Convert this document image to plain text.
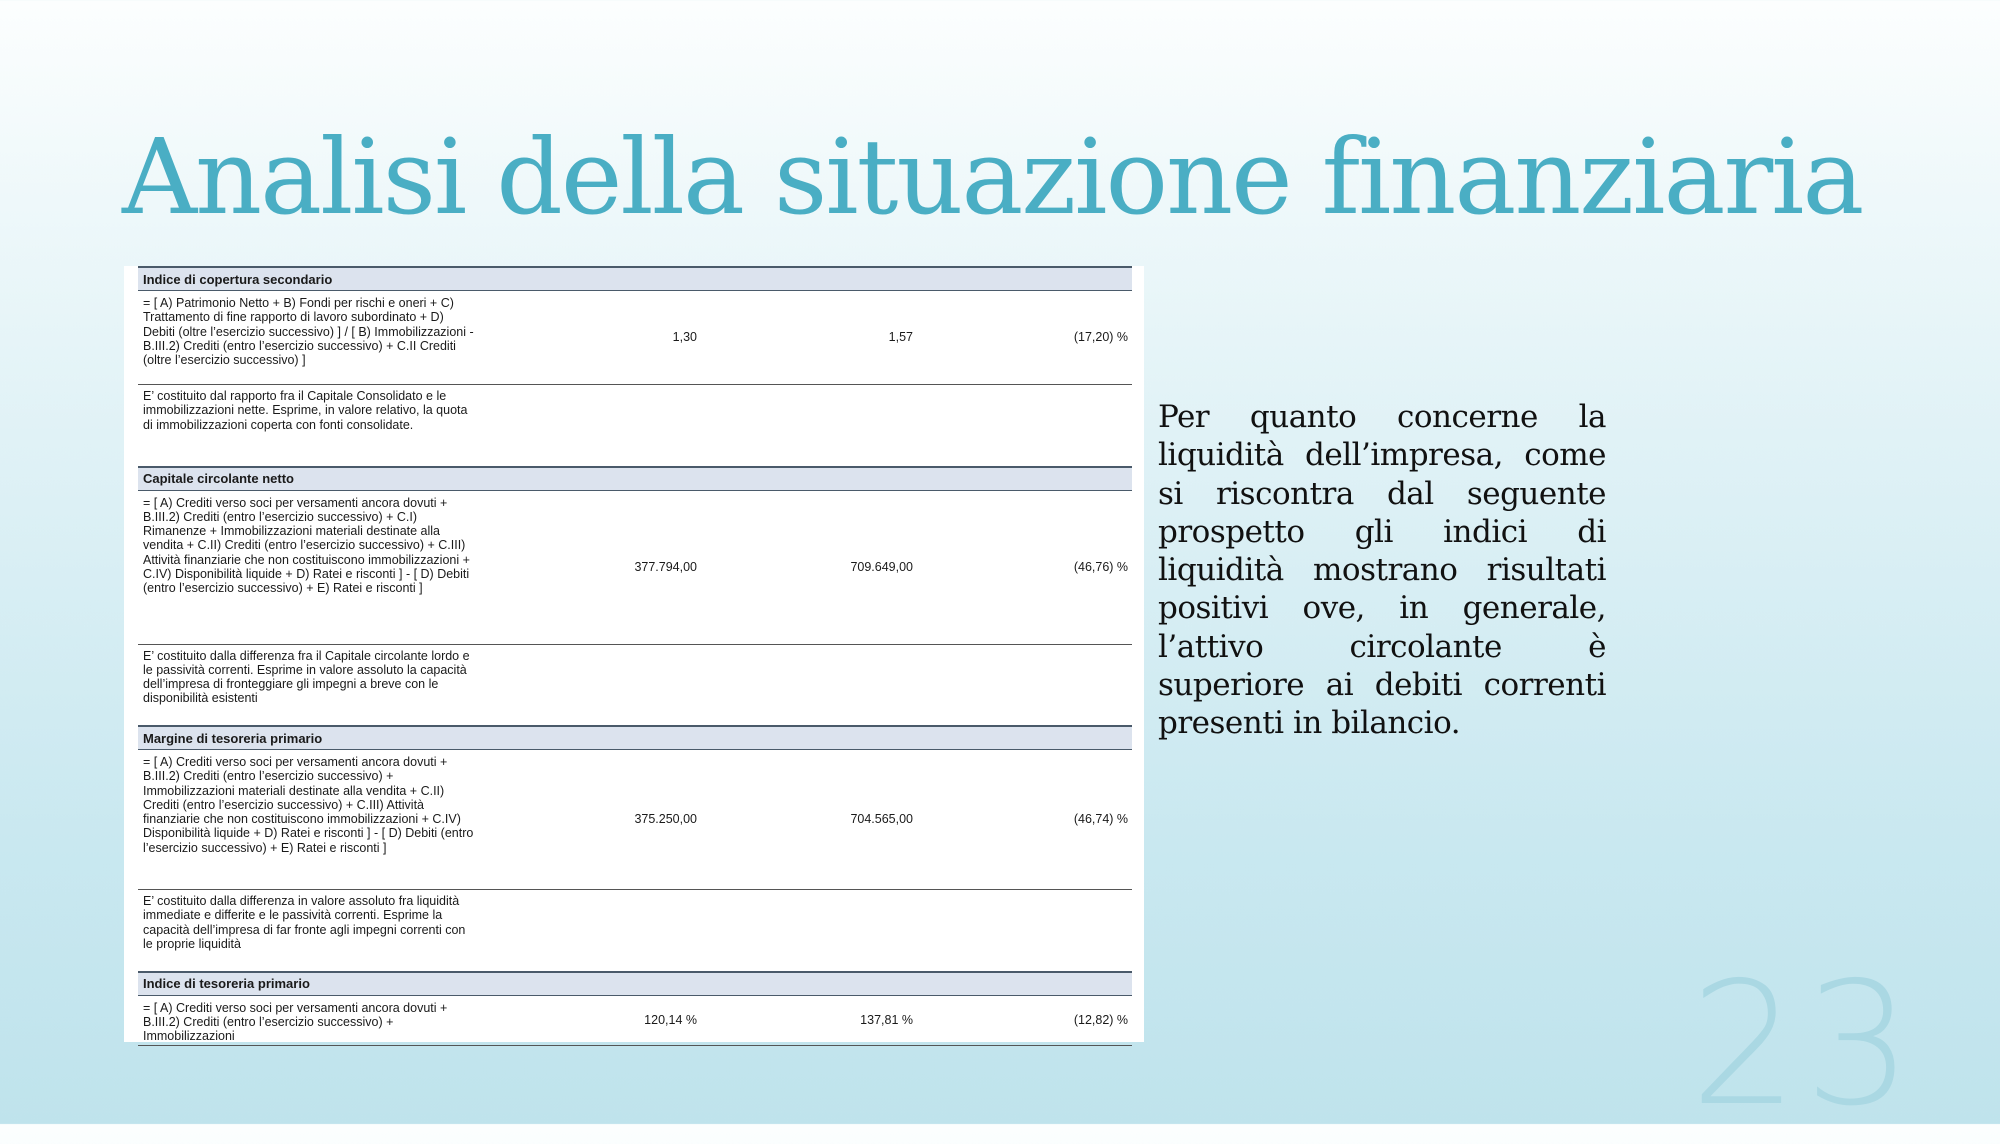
Analisi della situazione finanziaria
Indice di copertura secondario			
= [ A) Patrimonio Netto + B) Fondi per rischi e oneri + C) Trattamento di fine rapporto di lavoro subordinato + D) Debiti (oltre l’esercizio successivo) ] / [ B) Immobilizzazioni - B.III.2) Crediti (entro l’esercizio successivo) + C.II Crediti (oltre l’esercizio successivo) ]	1,30	1,57	(17,20) %
E’ costituito dal rapporto fra il Capitale Consolidato e le immobilizzazioni nette. Esprime, in valore relativo, la quota di immobilizzazioni coperta con fonti consolidate.			
Capitale circolante netto			
= [ A) Crediti verso soci per versamenti ancora dovuti + B.III.2) Crediti (entro l’esercizio successivo) + C.I) Rimanenze + Immobilizzazioni materiali destinate alla vendita + C.II) Crediti (entro l’esercizio successivo) + C.III) Attività finanziarie che non costituiscono immobilizzazioni + C.IV) Disponibilità liquide + D) Ratei e risconti ] - [ D) Debiti (entro l’esercizio successivo) + E) Ratei e risconti ]	377.794,00	709.649,00	(46,76) %
E’ costituito dalla differenza fra il Capitale circolante lordo e le passività correnti. Esprime in valore assoluto la capacità dell’impresa di fronteggiare gli impegni a breve con le disponibilità esistenti			
Margine di tesoreria primario			
= [ A) Crediti verso soci per versamenti ancora dovuti + B.III.2) Crediti (entro l’esercizio successivo) + Immobilizzazioni materiali destinate alla vendita + C.II) Crediti (entro l’esercizio successivo) + C.III) Attività finanziarie che non costituiscono immobilizzazioni + C.IV) Disponibilità liquide + D) Ratei e risconti ] - [ D) Debiti (entro l’esercizio successivo) + E) Ratei e risconti ]	375.250,00	704.565,00	(46,74) %
E’ costituito dalla differenza in valore assoluto fra liquidità immediate e differite e le passività correnti. Esprime la capacità dell’impresa di far fronte agli impegni correnti con le proprie liquidità			
Indice di tesoreria primario			
= [ A) Crediti verso soci per versamenti ancora dovuti + B.III.2) Crediti (entro l’esercizio successivo) + Immobilizzazioni	120,14 %	137,81 %	(12,82) %

Per quanto concerne la liquidità dell’impresa, come si riscontra dal seguente prospetto gli indici di liquidità mostrano risultati positivi ove, in generale, l’attivo circolante è superiore ai debiti correnti presenti in bilancio.

23
